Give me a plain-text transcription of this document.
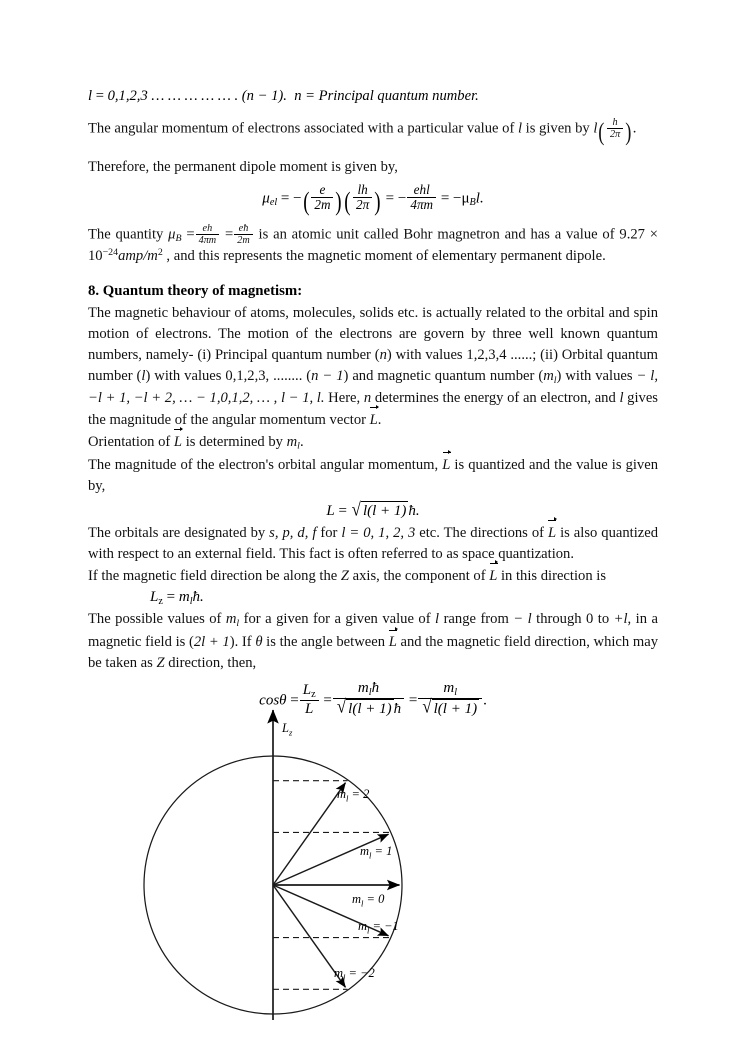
l = 0,1,2,3 … … … … … . (n − 1). n = Principal quantum number.

The angular momentum of electrons associated with a particular value of l is given by $l( \frac{h}{2\pi}$ ).

Therefore, the permanent dipole moment is given by,

$\mu_{el}$ = −( $\frac{e}{2m}$ )( $\frac{lh}{2\pi}$ ) = − $\frac{\text{ehl}}{4\pi m} = -\mu_Bl$.

The quantity $\mu_B = \frac{eh}{4\pi m} = \frac{eħ}{2m}$ is an atomic unit called Bohr magnetron and has a value of $9.27 \times 10^{-24}amp/m^2$ , and this represents the magnetic moment of elementary permanent dipole.

8. Quantum theory of magnetism:

The magnetic behaviour of atoms, molecules, solids etc. is actually related to the orbital and spin motion of electrons. The motion of the electrons are govern by three well known quantum numbers, namely- (i) Principal quantum number (n) with values 1,2,3,4 ......; (ii) Orbital quantum number (l) with values 0,1,2,3, ........ (n − 1) and magnetic quantum number $(m_l)$ with values − l, −l + 1, −l + 2, … − 1,0,1,2, … , l − 1, l. Here, n determines the energy of an electron, and l gives the magnitude of the angular momentum vector L.

Orientation of L is determined by $m_l$.

The magnitude of the electron's orbital angular momentum, L is quantized and the value is given by,

L = √ l(l + 1) ħ.

The orbitals are designated by s, p, d, f for l = 0, 1, 2, 3 etc. The directions of L is also quantized with respect to an external field. This fact is often referred to as space quantization.

If the magnetic field direction be along the Z axis, the component of L in this direction is

$Lz = m_lħ$.

The possible values of $m_l$ for a given for a given value of l range from − l through 0 to +l, in a magnetic field is (2l + 1). If θ is the angle between L and the magnetic field direction, which may be taken as Z direction, then,

$\cos\theta = \frac{Lz}{L}$ = $m_lħ$
√ l(l + 1) ħ = $m_l$
√ l(l + 1) .
$L_z$
$m_l = 2$
$m_l = 1$
$m_l = 0$
$m_l = -1$
$m_l = -2$
